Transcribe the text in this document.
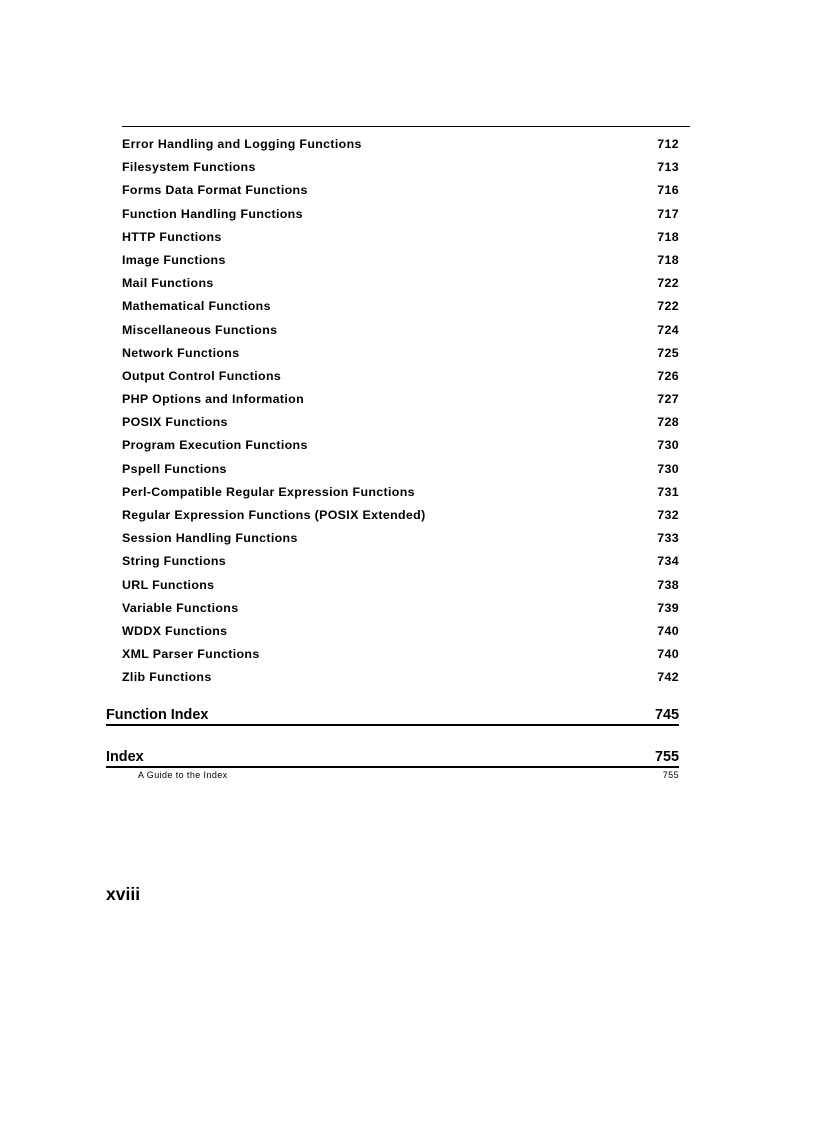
Error Handling and Logging Functions	712
Filesystem Functions	713
Forms Data Format Functions	716
Function Handling Functions	717
HTTP Functions	718
Image Functions	718
Mail Functions	722
Mathematical Functions	722
Miscellaneous Functions	724
Network Functions	725
Output Control Functions	726
PHP Options and Information	727
POSIX Functions	728
Program Execution Functions	730
Pspell Functions	730
Perl-Compatible Regular Expression Functions	731
Regular Expression Functions (POSIX Extended)	732
Session Handling Functions	733
String Functions	734
URL Functions	738
Variable Functions	739
WDDX Functions	740
XML Parser Functions	740
Zlib Functions	742
Function Index	745
Index	755
A Guide to the Index	755
xviii
